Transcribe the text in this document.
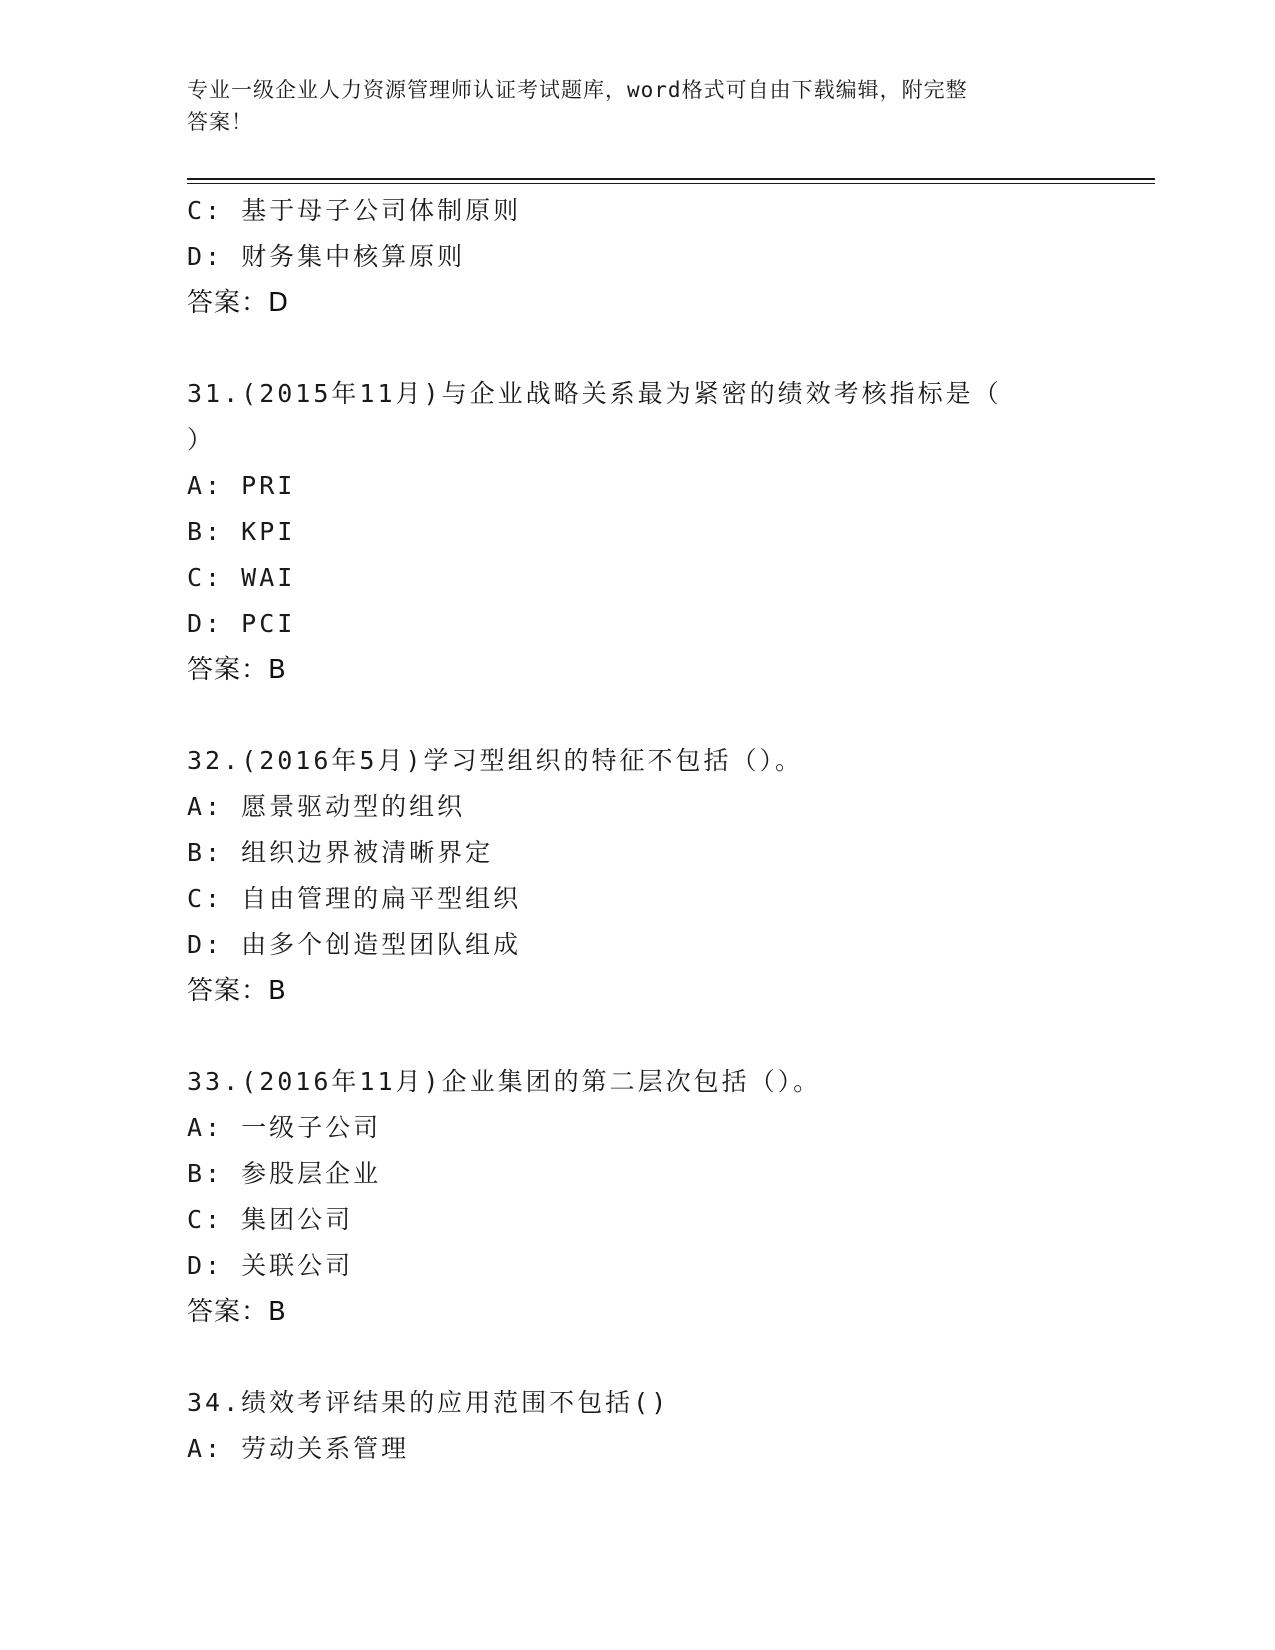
专业一级企业人力资源管理师认证考试题库，word格式可自由下载编辑，附完整
答案！
C: 基于母子公司体制原则
D: 财务集中核算原则
答案：D
31.(2015年11月)与企业战略关系最为紧密的绩效考核指标是（
）
A: PRI
B: KPI
C: WAI
D: PCI
答案：B
32.(2016年5月)学习型组织的特征不包括（）。
A: 愿景驱动型的组织
B: 组织边界被清晰界定
C: 自由管理的扁平型组织
D: 由多个创造型团队组成
答案：B
33.(2016年11月)企业集团的第二层次包括（）。
A: 一级子公司
B: 参股层企业
C: 集团公司
D: 关联公司
答案：B
34.绩效考评结果的应用范围不包括()
A: 劳动关系管理
